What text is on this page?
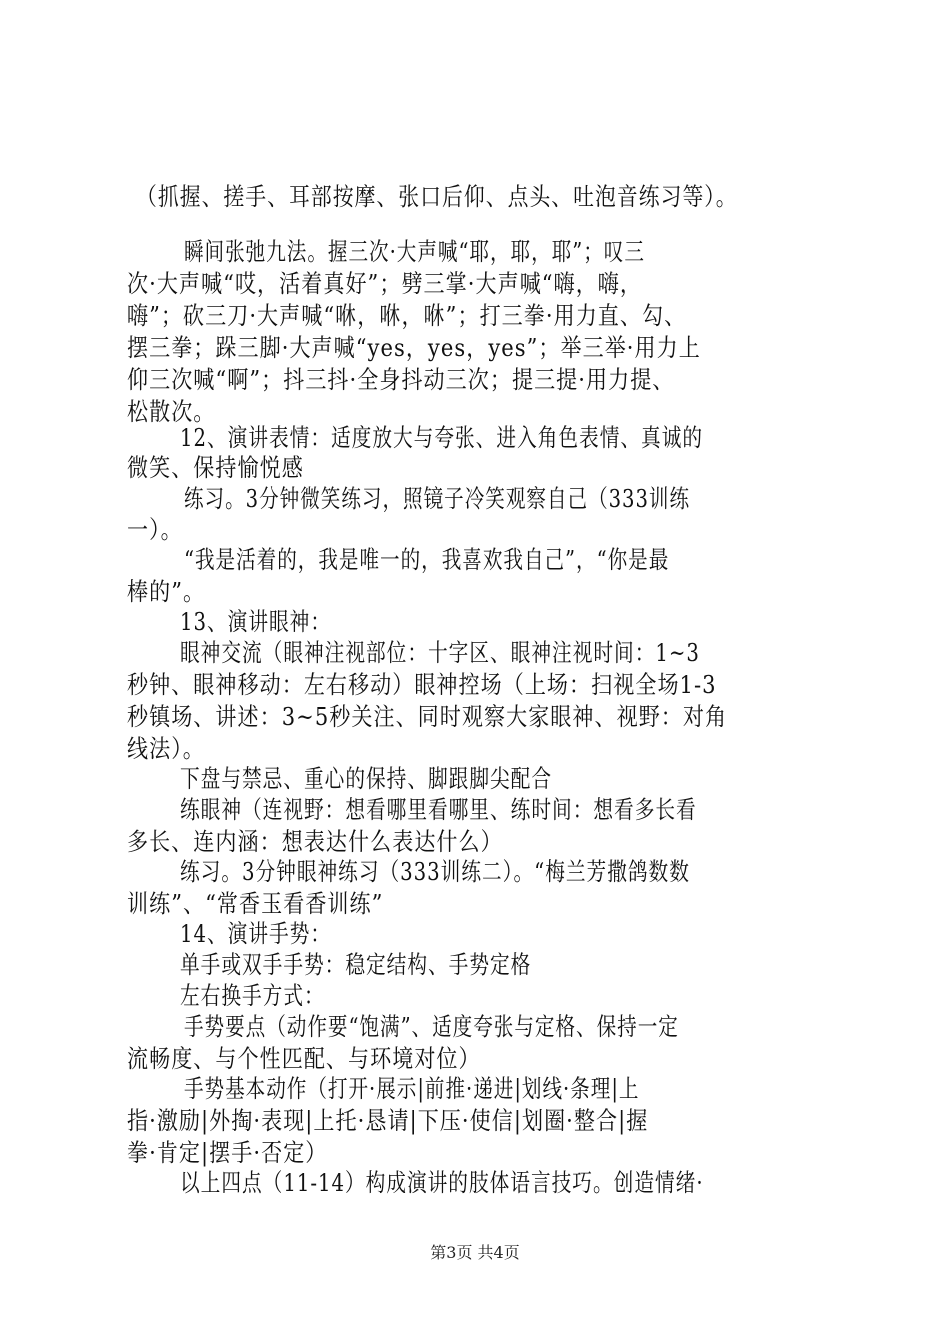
（抓握、搓手、耳部按摩、张口后仰、点头、吐泡音练习等）。
瞬间张弛九法。握三次·大声喊“耶，耶，耶”；叹三
次·大声喊“哎，活着真好”；劈三掌·大声喊“嗨，嗨，
嗨”；砍三刀·大声喊“咻，咻，咻”；打三拳·用力直、勾、
摆三拳；跺三脚·大声喊“yes，yes，yes”；举三举·用力上
仰三次喊“啊”；抖三抖·全身抖动三次；提三提·用力提、
松散次。
12、演讲表情：适度放大与夸张、进入角色表情、真诚的
微笑、保持愉悦感
练习。3分钟微笑练习，照镜子冷笑观察自己（333训练
一）。
“我是活着的，我是唯一的，我喜欢我自己”，“你是最
棒的”。
13、演讲眼神：
眼神交流（眼神注视部位：十字区、眼神注视时间：1~3
秒钟、眼神移动：左右移动）眼神控场（上场：扫视全场1-3
秒镇场、讲述：3~5秒关注、同时观察大家眼神、视野：对角
线法）。
下盘与禁忌、重心的保持、脚跟脚尖配合
练眼神（连视野：想看哪里看哪里、练时间：想看多长看
多长、连内涵：想表达什么表达什么）
练习。3分钟眼神练习（333训练二）。“梅兰芳撒鸽数数
训练”、“常香玉看香训练”
14、演讲手势：
单手或双手手势：稳定结构、手势定格
左右换手方式：
手势要点（动作要“饱满”、适度夸张与定格、保持一定
流畅度、与个性匹配、与环境对位）
手势基本动作（打开·展示|前推·递进|划线·条理|上
指·激励|外掏·表现|上托·恳请|下压·使信|划圈·整合|握
拳·肯定|摆手·否定）
以上四点（11-14）构成演讲的肢体语言技巧。创造情绪·
第3页 共4页
